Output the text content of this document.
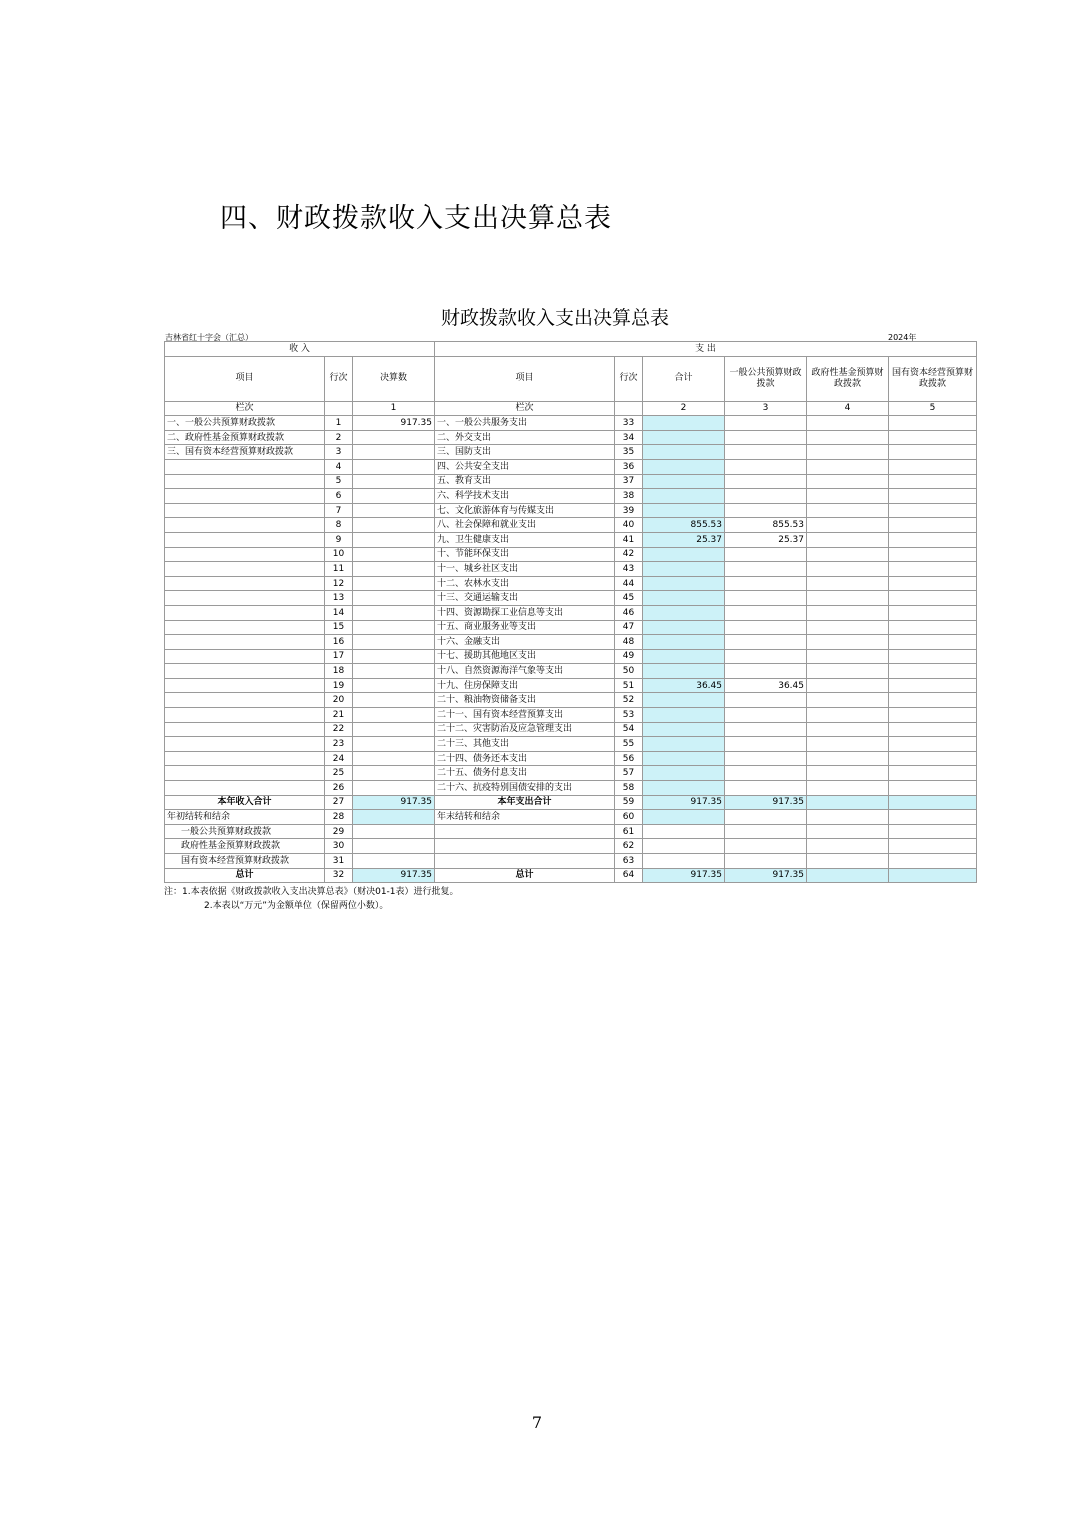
四、财政拨款收入支出决算总表
财政拨款收入支出决算总表
吉林省红十字会（汇总）	2024年
收 入			支 出					
项目	行次	决算数	项目	行次	合计	一般公共预算财政拨款	政府性基金预算财政拨款	国有资本经营预算财政拨款
栏次		1	栏次		2	3	4	5
一、一般公共预算财政拨款	1	917.35	一、一般公共服务支出	33				
二、政府性基金预算财政拨款	2		二、外交支出	34				
三、国有资本经营预算财政拨款	3		三、国防支出	35				
	4		四、公共安全支出	36				
	5		五、教育支出	37				
	6		六、科学技术支出	38				
	7		七、文化旅游体育与传媒支出	39				
	8		八、社会保障和就业支出	40	855.53	855.53		
	9		九、卫生健康支出	41	25.37	25.37		
	10		十、节能环保支出	42				
	11		十一、城乡社区支出	43				
	12		十二、农林水支出	44				
	13		十三、交通运输支出	45				
	14		十四、资源勘探工业信息等支出	46				
	15		十五、商业服务业等支出	47				
	16		十六、金融支出	48				
	17		十七、援助其他地区支出	49				
	18		十八、自然资源海洋气象等支出	50				
	19		十九、住房保障支出	51	36.45	36.45		
	20		二十、粮油物资储备支出	52				
	21		二十一、国有资本经营预算支出	53				
	22		二十二、灾害防治及应急管理支出	54				
	23		二十三、其他支出	55				
	24		二十四、债务还本支出	56				
	25		二十五、债务付息支出	57				
	26		二十六、抗疫特别国债安排的支出	58				
本年收入合计	27	917.35	本年支出合计	59	917.35	917.35		
年初结转和结余	28		年末结转和结余	60				
一般公共预算财政拨款	29			61				
政府性基金预算财政拨款	30			62				
国有资本经营预算财政拨款	31			63				
总计	32	917.35	总计	64	917.35	917.35		
注：1.本表依据《财政拨款收入支出决算总表》（财决01-1表）进行批复。
2.本表以“万元”为金额单位（保留两位小数）。
7
